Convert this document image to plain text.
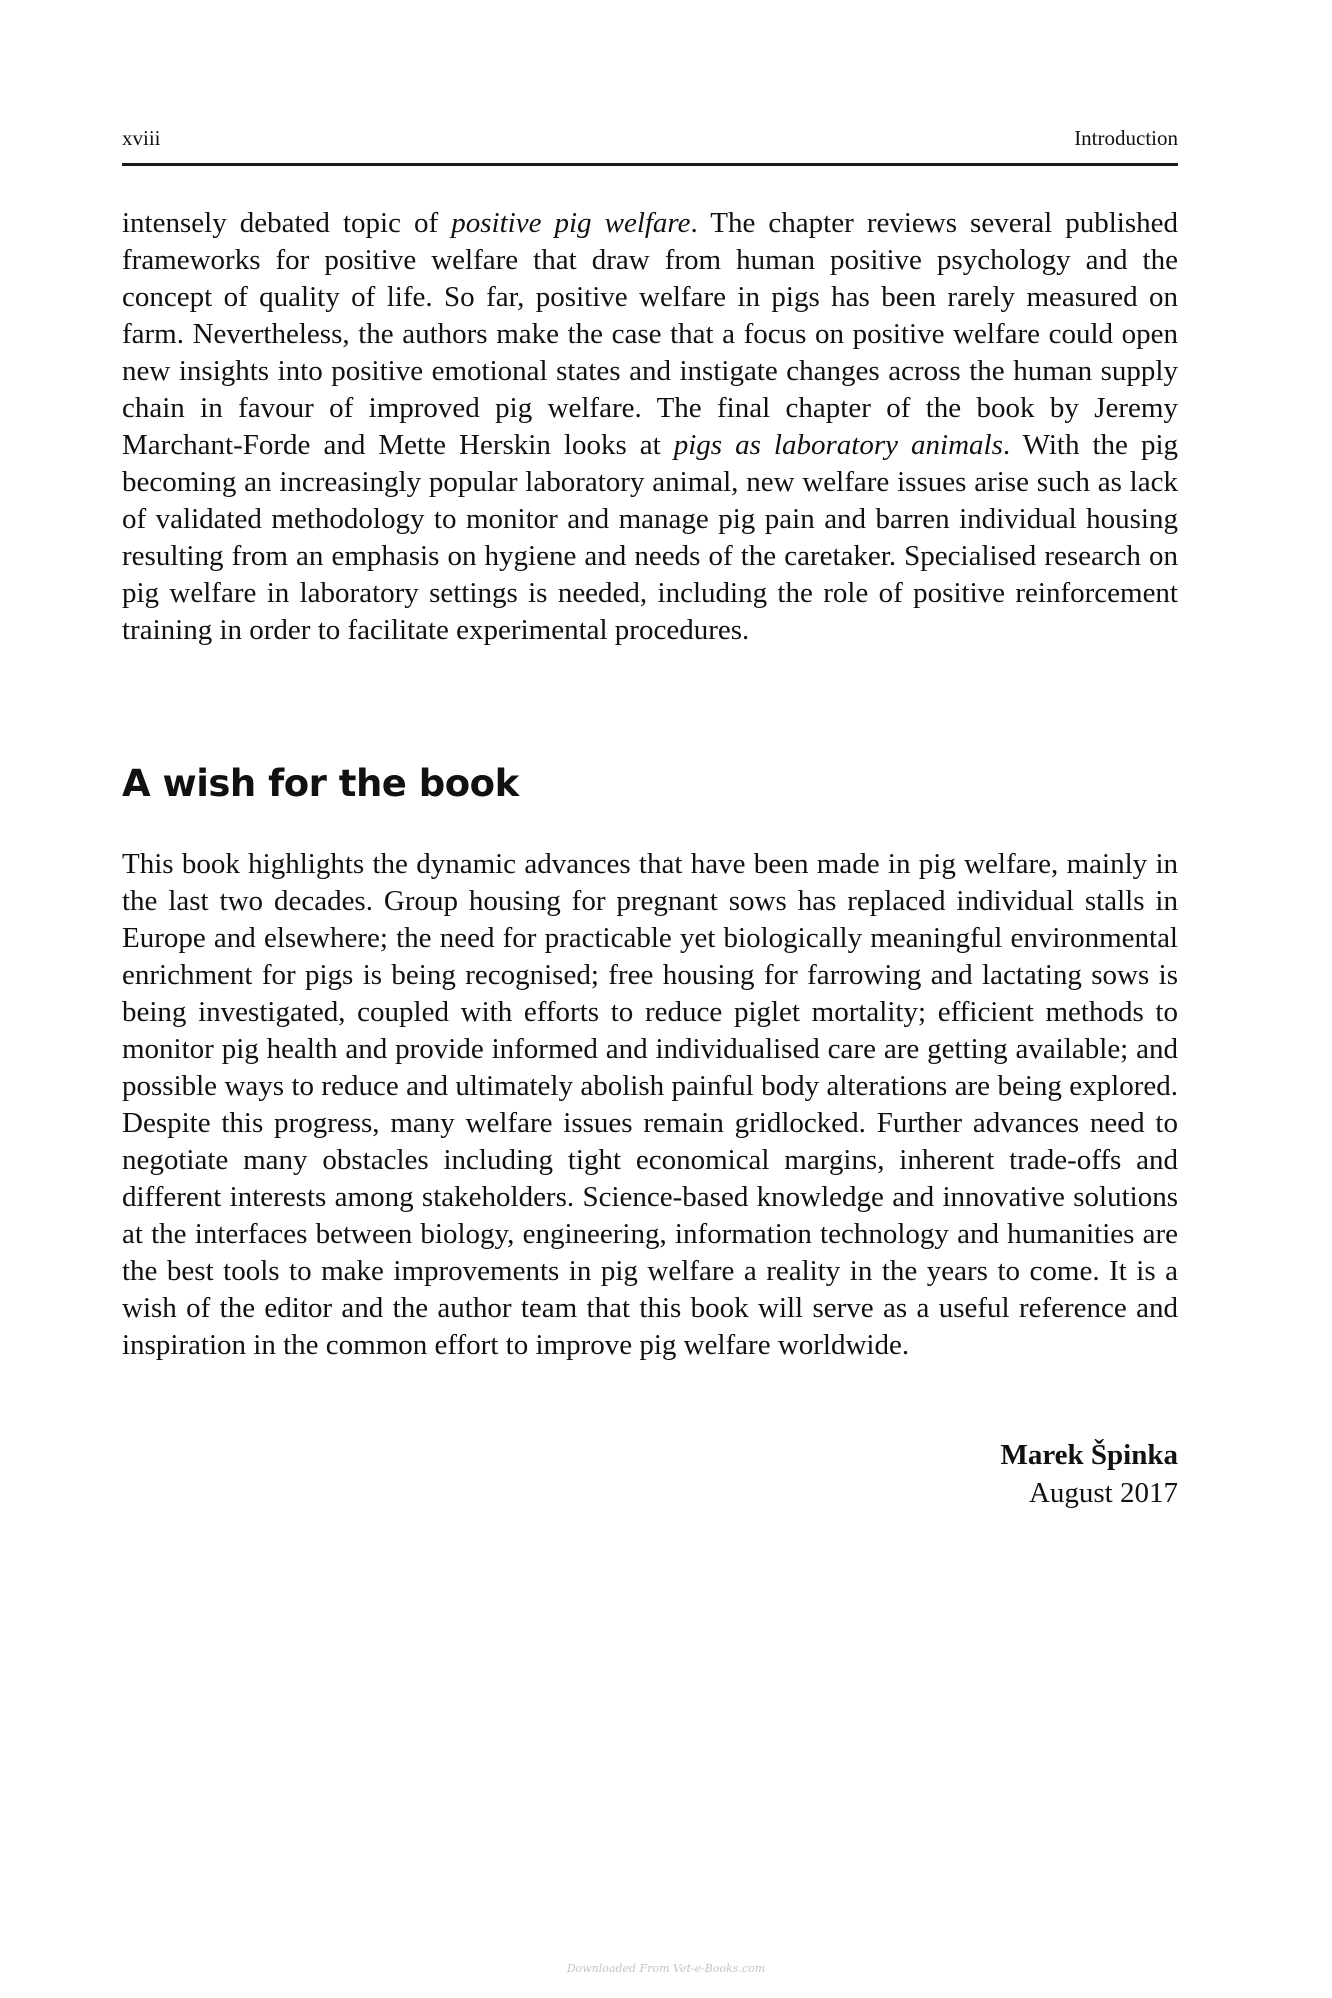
xviii	Introduction

intensely debated topic of positive pig welfare. The chapter reviews several published frameworks for positive welfare that draw from human positive psychology and the concept of quality of life. So far, positive welfare in pigs has been rarely measured on farm. Nevertheless, the authors make the case that a focus on positive welfare could open new insights into positive emotional states and instigate changes across the human supply chain in favour of improved pig welfare. The final chapter of the book by Jeremy Marchant-Forde and Mette Herskin looks at pigs as laboratory animals. With the pig becoming an increasingly popular laboratory animal, new welfare issues arise such as lack of validated methodology to monitor and manage pig pain and barren individual housing resulting from an emphasis on hygiene and needs of the caretaker. Specialised research on pig welfare in laboratory settings is needed, including the role of positive reinforcement training in order to facilitate experimental procedures.

A wish for the book

This book highlights the dynamic advances that have been made in pig welfare, mainly in the last two decades. Group housing for pregnant sows has replaced individual stalls in Europe and elsewhere; the need for practicable yet biologically meaningful environmental enrichment for pigs is being recognised; free housing for farrowing and lactating sows is being investigated, coupled with efforts to reduce piglet mortality; efficient methods to monitor pig health and provide informed and individualised care are getting available; and possible ways to reduce and ultimately abolish painful body alterations are being explored. Despite this progress, many welfare issues remain gridlocked. Further advances need to negotiate many obstacles including tight economical margins, inherent trade-offs and different interests among stakeholders. Science-based knowledge and innovative solutions at the interfaces between biology, engineering, information technology and humanities are the best tools to make improvements in pig welfare a reality in the years to come. It is a wish of the editor and the author team that this book will serve as a useful reference and inspiration in the common effort to improve pig welfare worldwide.

Marek Špinka
August 2017
Downloaded From Vet-e-Books.com
